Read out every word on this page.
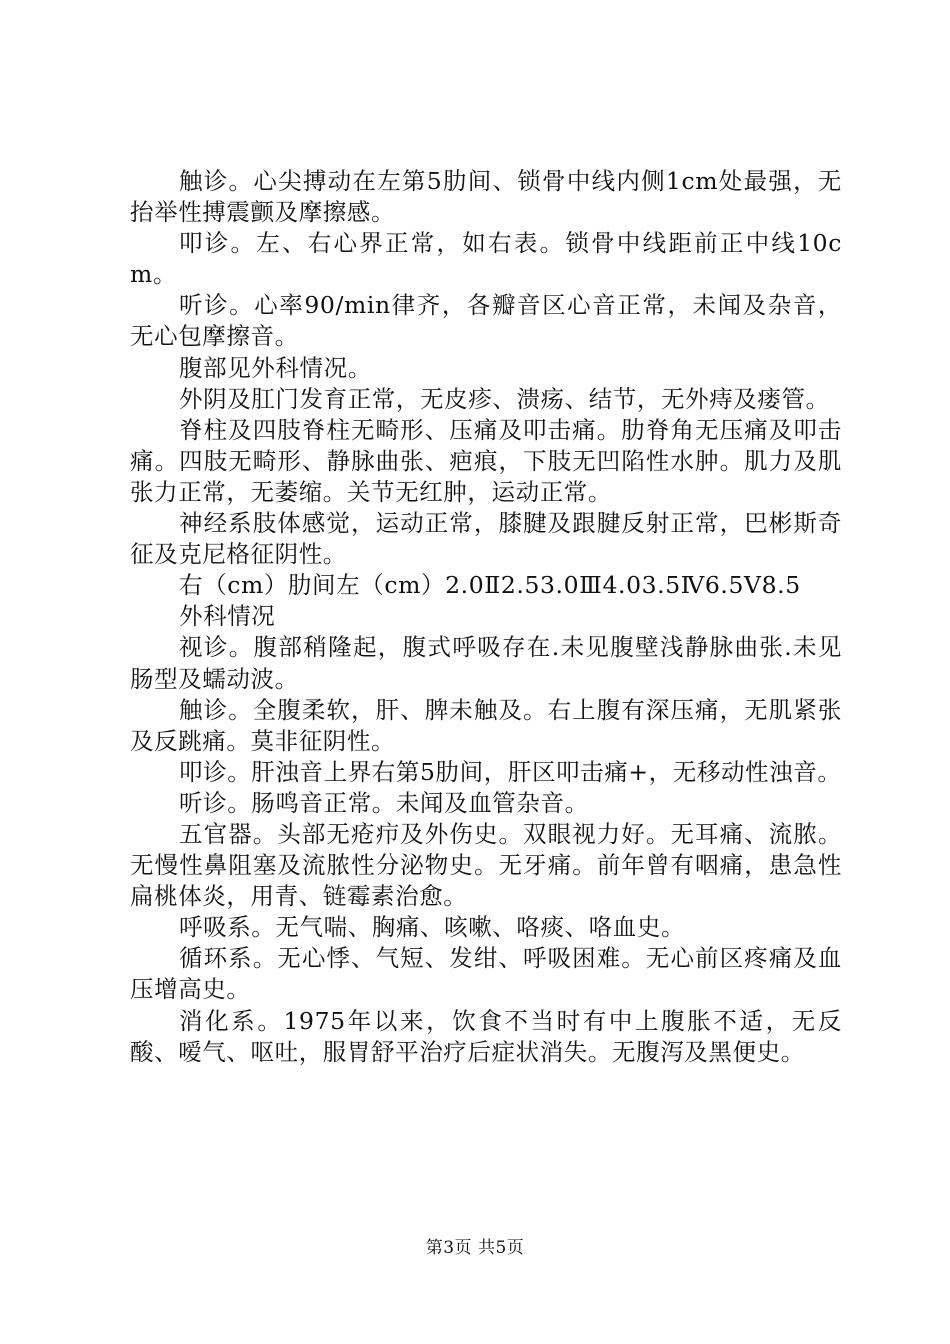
触诊。心尖搏动在左第5肋间、锁骨中线内侧1cm处最强，无抬举性搏震颤及摩擦感。

叩诊。左、右心界正常，如右表。锁骨中线距前正中线10cm。

听诊。心率90/min律齐，各瓣音区心音正常，未闻及杂音，无心包摩擦音。

腹部见外科情况。

外阴及肛门发育正常，无皮疹、溃疡、结节，无外痔及瘘管。

脊柱及四肢脊柱无畸形、压痛及叩击痛。肋脊角无压痛及叩击痛。四肢无畸形、静脉曲张、疤痕，下肢无凹陷性水肿。肌力及肌张力正常，无萎缩。关节无红肿，运动正常。

神经系肢体感觉，运动正常，膝腱及跟腱反射正常，巴彬斯奇征及克尼格征阴性。

右（cm）肋间左（cm）2.0Ⅱ2.53.0Ⅲ4.03.5Ⅳ6.5Ⅴ8.5

外科情况

视诊。腹部稍隆起，腹式呼吸存在.未见腹壁浅静脉曲张.未见肠型及蠕动波。

触诊。全腹柔软，肝、脾未触及。右上腹有深压痛，无肌紧张及反跳痛。莫非征阴性。

叩诊。肝浊音上界右第5肋间，肝区叩击痛+，无移动性浊音。

听诊。肠鸣音正常。未闻及血管杂音。

五官器。头部无疮疖及外伤史。双眼视力好。无耳痛、流脓。无慢性鼻阻塞及流脓性分泌物史。无牙痛。前年曾有咽痛，患急性扁桃体炎，用青、链霉素治愈。

呼吸系。无气喘、胸痛、咳嗽、咯痰、咯血史。

循环系。无心悸、气短、发绀、呼吸困难。无心前区疼痛及血压增高史。

消化系。1975年以来，饮食不当时有中上腹胀不适，无反酸、嗳气、呕吐，服胃舒平治疗后症状消失。无腹泻及黑便史。

第3页 共5页
